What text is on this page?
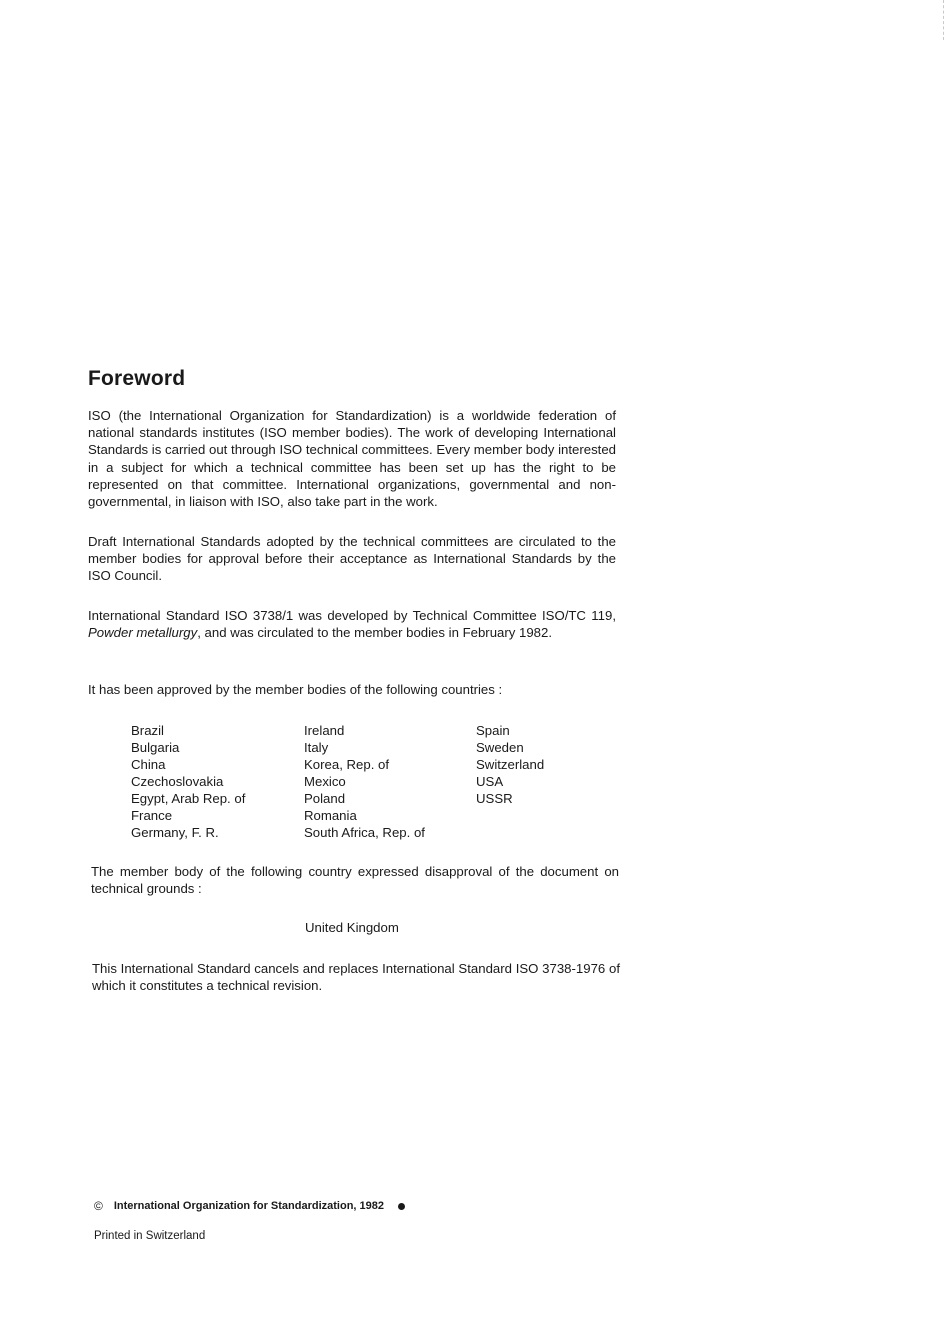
Foreword
ISO (the International Organization for Standardization) is a worldwide federation of national standards institutes (ISO member bodies). The work of developing International Standards is carried out through ISO technical committees. Every member body interested in a subject for which a technical committee has been set up has the right to be represented on that committee. International organizations, governmental and non-governmental, in liaison with ISO, also take part in the work.
Draft International Standards adopted by the technical committees are circulated to the member bodies for approval before their acceptance as International Standards by the ISO Council.
International Standard ISO 3738/1 was developed by Technical Committee ISO/TC 119, Powder metallurgy, and was circulated to the member bodies in February 1982.
It has been approved by the member bodies of the following countries :
Brazil
Bulgaria
China
Czechoslovakia
Egypt, Arab Rep. of
France
Germany, F. R.
Ireland
Italy
Korea, Rep. of
Mexico
Poland
Romania
South Africa, Rep. of
Spain
Sweden
Switzerland
USA
USSR
The member body of the following country expressed disapproval of the document on technical grounds :
United Kingdom
This International Standard cancels and replaces International Standard ISO 3738-1976 of which it constitutes a technical revision.
© International Organization for Standardization, 1982
Printed in Switzerland
